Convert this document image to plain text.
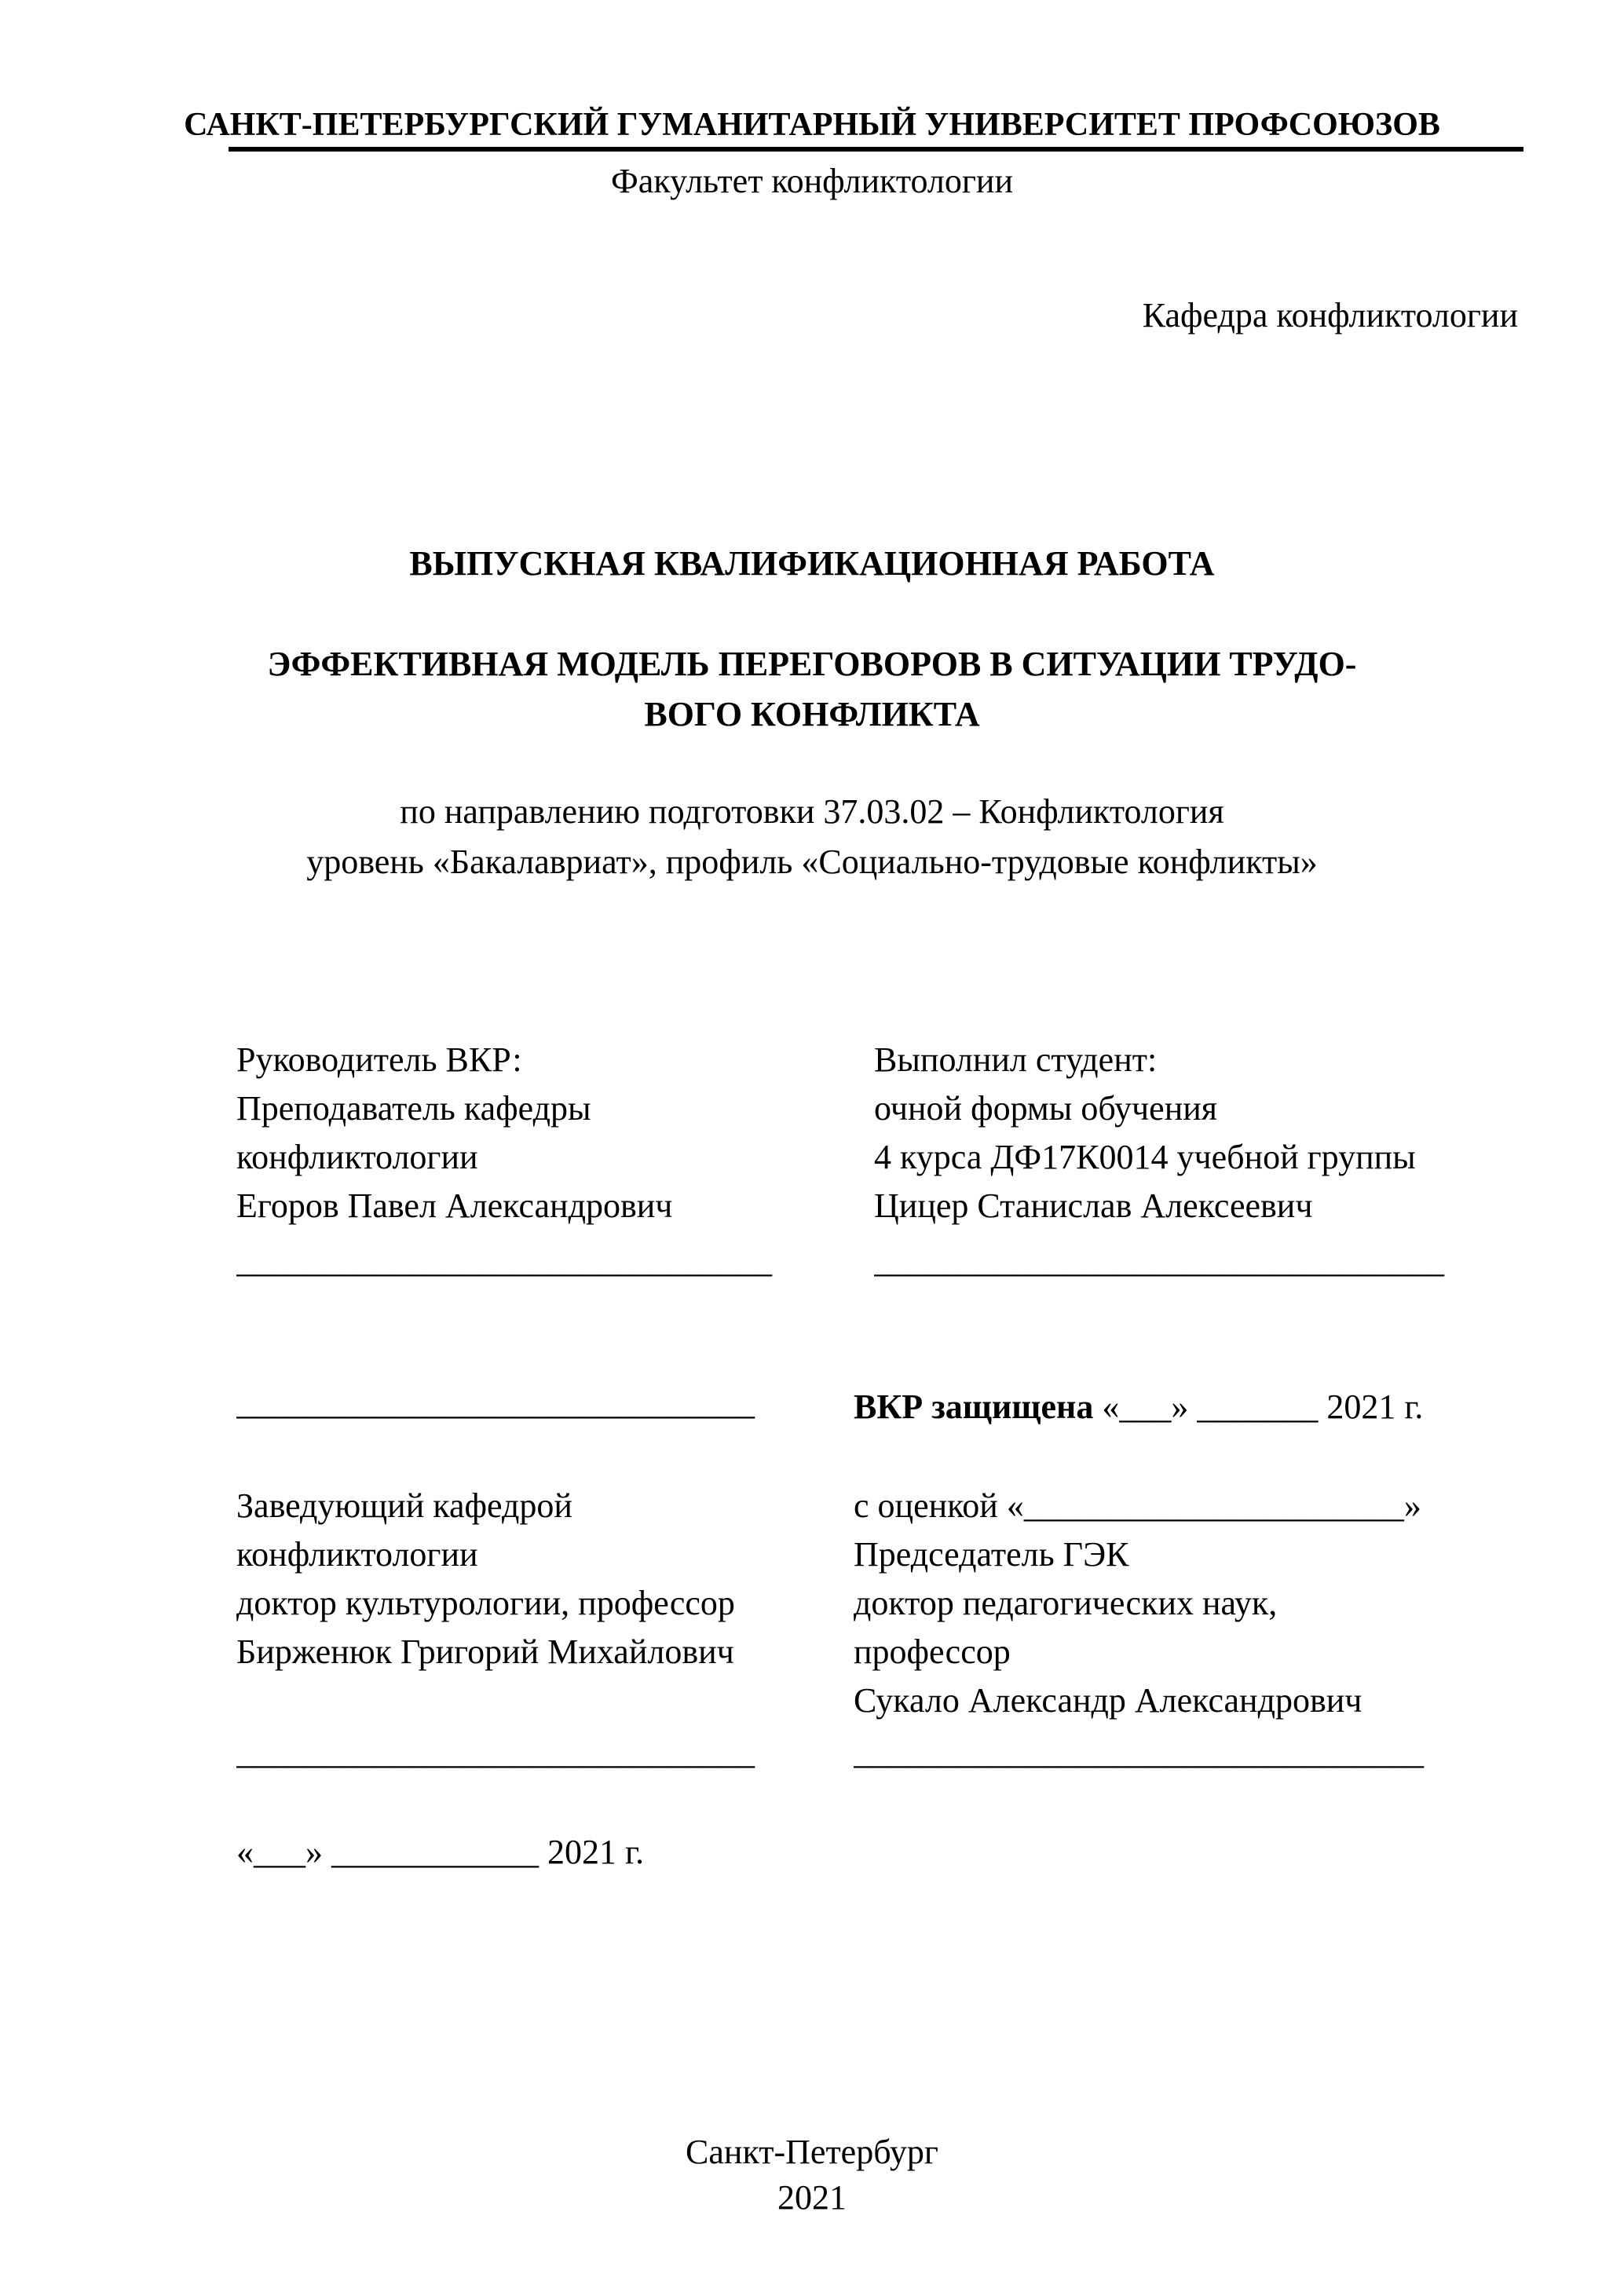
САНКТ-ПЕТЕРБУРГСКИЙ ГУМАНИТАРНЫЙ УНИВЕРСИТЕТ ПРОФСОЮЗОВ
Факультет конфликтологии
Кафедра конфликтологии
ВЫПУСКНАЯ КВАЛИФИКАЦИОННАЯ РАБОТА
ЭФФЕКТИВНАЯ МОДЕЛЬ ПЕРЕГОВОРОВ В СИТУАЦИИ ТРУДО-
ВОГО КОНФЛИКТА
по направлению подготовки 37.03.02 – Конфликтология
уровень «Бакалавриат», профиль «Социально-трудовые конфликты»
Руководитель ВКР:
Преподаватель кафедры
конфликтологии
Егоров Павел Александрович
_______________________________
Выполнил студент:
очной формы обучения
4 курса ДФ17К0014 учебной группы
Цицер Станислав Алексеевич
_________________________________
______________________________	ВКР защищена «___» _______ 2021 г.
Заведующий кафедрой
конфликтологии
доктор культурологии, профессор
Бирженюк Григорий Михайлович
______________________________
«___» ____________ 2021 г.
с оценкой «______________________»
Председатель ГЭК
доктор педагогических наук,
профессор
Сукало Александр Александрович
_________________________________
Санкт-Петербург
2021
